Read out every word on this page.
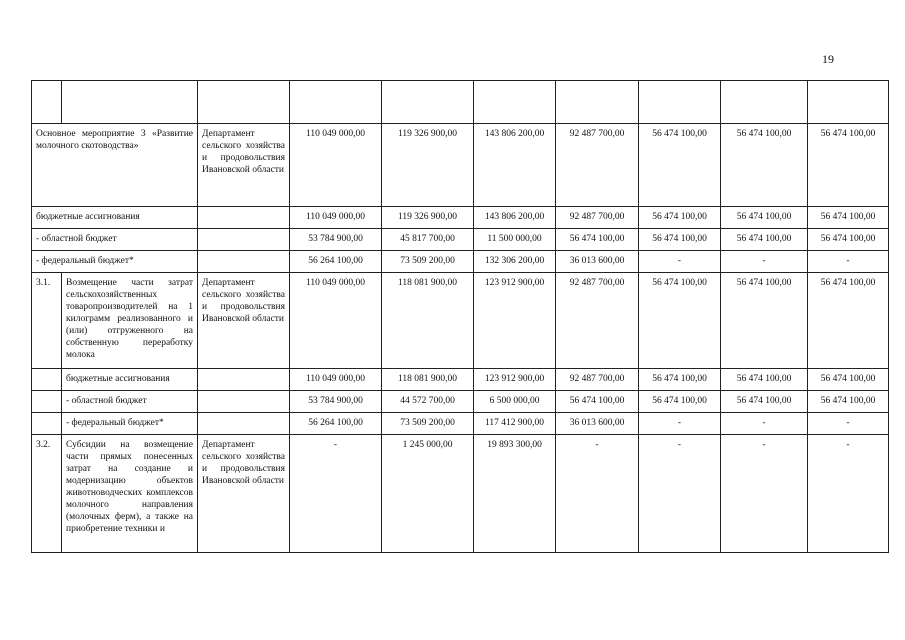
19

Основное мероприятие 3 «Развитие молочного скотоводства»		Департамент сельского хозяйства и продовольствия Ивановской области	110 049 000,00	119 326 900,00	143 806 200,00	92 487 700,00	56 474 100,00	56 474 100,00	56 474 100,00
бюджетные ассигнования			110 049 000,00	119 326 900,00	143 806 200,00	92 487 700,00	56 474 100,00	56 474 100,00	56 474 100,00
- областной бюджет			53 784 900,00	45 817 700,00	11 500 000,00	56 474 100,00	56 474 100,00	56 474 100,00	56 474 100,00
- федеральный бюджет*			56 264 100,00	73 509 200,00	132 306 200,00	36 013 600,00	-	-	-
3.1.	Возмещение части затрат сельскохозяйственных товаропроизводителей на 1 килограмм реализованного и (или) отгруженного на собственную переработку молока	Департамент сельского хозяйства и продовольствия Ивановской области	110 049 000,00	118 081 900,00	123 912 900,00	92 487 700,00	56 474 100,00	56 474 100,00	56 474 100,00
	бюджетные ассигнования		110 049 000,00	118 081 900,00	123 912 900,00	92 487 700,00	56 474 100,00	56 474 100,00	56 474 100,00
	- областной бюджет		53 784 900,00	44 572 700,00	6 500 000,00	56 474 100,00	56 474 100,00	56 474 100,00	56 474 100,00
	- федеральный бюджет*		56 264 100,00	73 509 200,00	117 412 900,00	36 013 600,00	-	-	-
3.2.	Субсидии на возмещение части прямых понесенных затрат на создание и модернизацию объектов животноводческих комплексов молочного направления (молочных ферм), а также на приобретение техники и	Департамент сельского хозяйства и продовольствия Ивановской области	-	1 245 000,00	19 893 300,00	-	-	-	-
